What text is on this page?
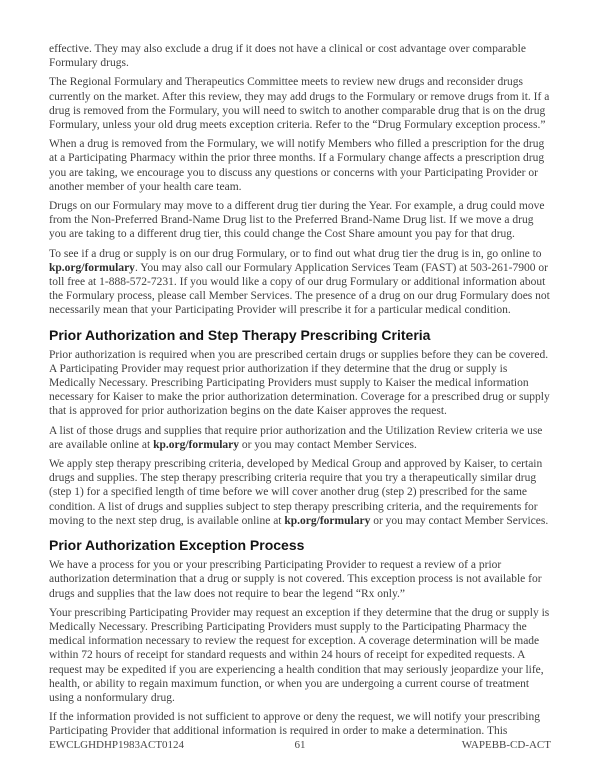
effective. They may also exclude a drug if it does not have a clinical or cost advantage over comparable Formulary drugs.

The Regional Formulary and Therapeutics Committee meets to review new drugs and reconsider drugs currently on the market. After this review, they may add drugs to the Formulary or remove drugs from it. If a drug is removed from the Formulary, you will need to switch to another comparable drug that is on the drug Formulary, unless your old drug meets exception criteria. Refer to the “Drug Formulary exception process.”

When a drug is removed from the Formulary, we will notify Members who filled a prescription for the drug at a Participating Pharmacy within the prior three months. If a Formulary change affects a prescription drug you are taking, we encourage you to discuss any questions or concerns with your Participating Provider or another member of your health care team.

Drugs on our Formulary may move to a different drug tier during the Year. For example, a drug could move from the Non-Preferred Brand-Name Drug list to the Preferred Brand-Name Drug list. If we move a drug you are taking to a different drug tier, this could change the Cost Share amount you pay for that drug.

To see if a drug or supply is on our drug Formulary, or to find out what drug tier the drug is in, go online to kp.org/formulary. You may also call our Formulary Application Services Team (FAST) at 503-261-7900 or toll free at 1-888-572-7231. If you would like a copy of our drug Formulary or additional information about the Formulary process, please call Member Services. The presence of a drug on our drug Formulary does not necessarily mean that your Participating Provider will prescribe it for a particular medical condition.

Prior Authorization and Step Therapy Prescribing Criteria

Prior authorization is required when you are prescribed certain drugs or supplies before they can be covered. A Participating Provider may request prior authorization if they determine that the drug or supply is Medically Necessary. Prescribing Participating Providers must supply to Kaiser the medical information necessary for Kaiser to make the prior authorization determination. Coverage for a prescribed drug or supply that is approved for prior authorization begins on the date Kaiser approves the request.

A list of those drugs and supplies that require prior authorization and the Utilization Review criteria we use are available online at kp.org/formulary or you may contact Member Services.

We apply step therapy prescribing criteria, developed by Medical Group and approved by Kaiser, to certain drugs and supplies. The step therapy prescribing criteria require that you try a therapeutically similar drug (step 1) for a specified length of time before we will cover another drug (step 2) prescribed for the same condition. A list of drugs and supplies subject to step therapy prescribing criteria, and the requirements for moving to the next step drug, is available online at kp.org/formulary or you may contact Member Services.

Prior Authorization Exception Process

We have a process for you or your prescribing Participating Provider to request a review of a prior authorization determination that a drug or supply is not covered. This exception process is not available for drugs and supplies that the law does not require to bear the legend “Rx only.”

Your prescribing Participating Provider may request an exception if they determine that the drug or supply is Medically Necessary. Prescribing Participating Providers must supply to the Participating Pharmacy the medical information necessary to review the request for exception. A coverage determination will be made within 72 hours of receipt for standard requests and within 24 hours of receipt for expedited requests. A request may be expedited if you are experiencing a health condition that may seriously jeopardize your life, health, or ability to regain maximum function, or when you are undergoing a current course of treatment using a nonformulary drug.

If the information provided is not sufficient to approve or deny the request, we will notify your prescribing Participating Provider that additional information is required in order to make a determination. This

EWCLGHDHP1983ACT0124	61	WAPEBB-CD-ACT
